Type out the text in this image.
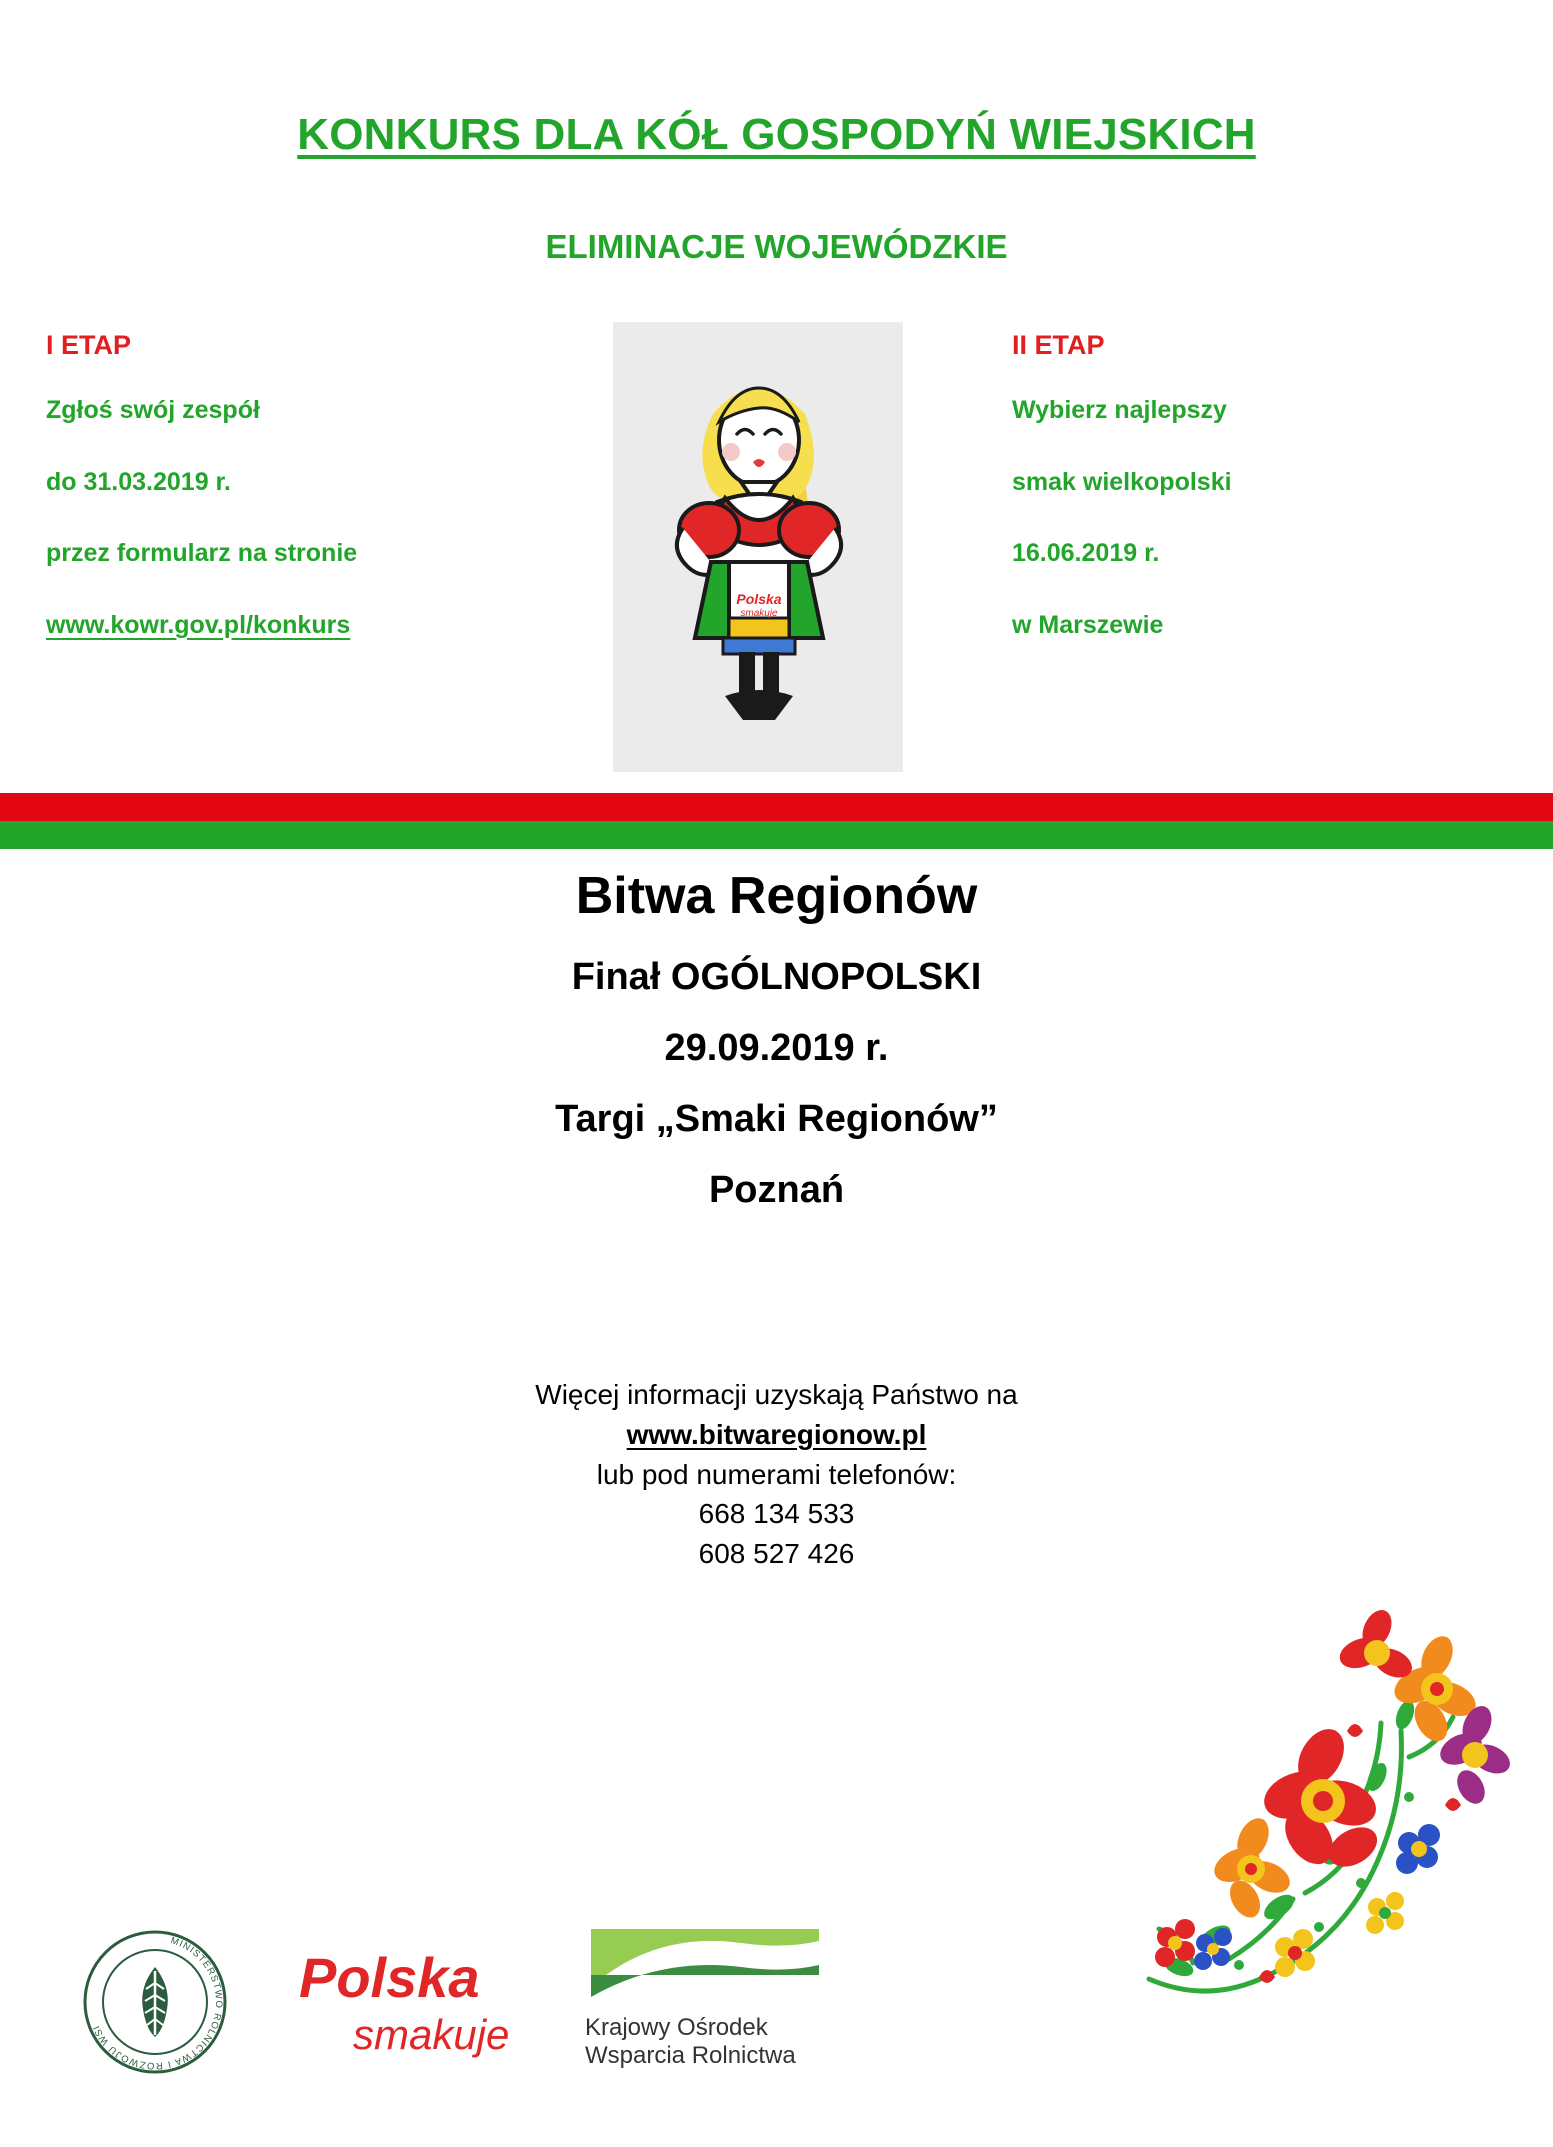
KONKURS DLA KÓŁ GOSPODYŃ WIEJSKICH
ELIMINACJE WOJEWÓDZKIE
I ETAP
Zgłoś swój zespół
do 31.03.2019 r.
przez formularz na stronie
www.kowr.gov.pl/konkurs
II ETAP
Wybierz najlepszy
smak wielkopolski
16.06.2019 r.
w Marszewie
Polska
smakuje
Bitwa Regionów
Finał OGÓLNOPOLSKI
29.09.2019 r.
Targi „Smaki Regionów”
Poznań
Więcej informacji uzyskają Państwo na
www.bitwaregionow.pl
lub pod numerami telefonów:
668 134 533
608 527 426
MINISTERSTWO ROLNICTWA I ROZWOJU WSI
Polska
smakuje	Krajowy Ośrodek
Wsparcia Rolnictwa
